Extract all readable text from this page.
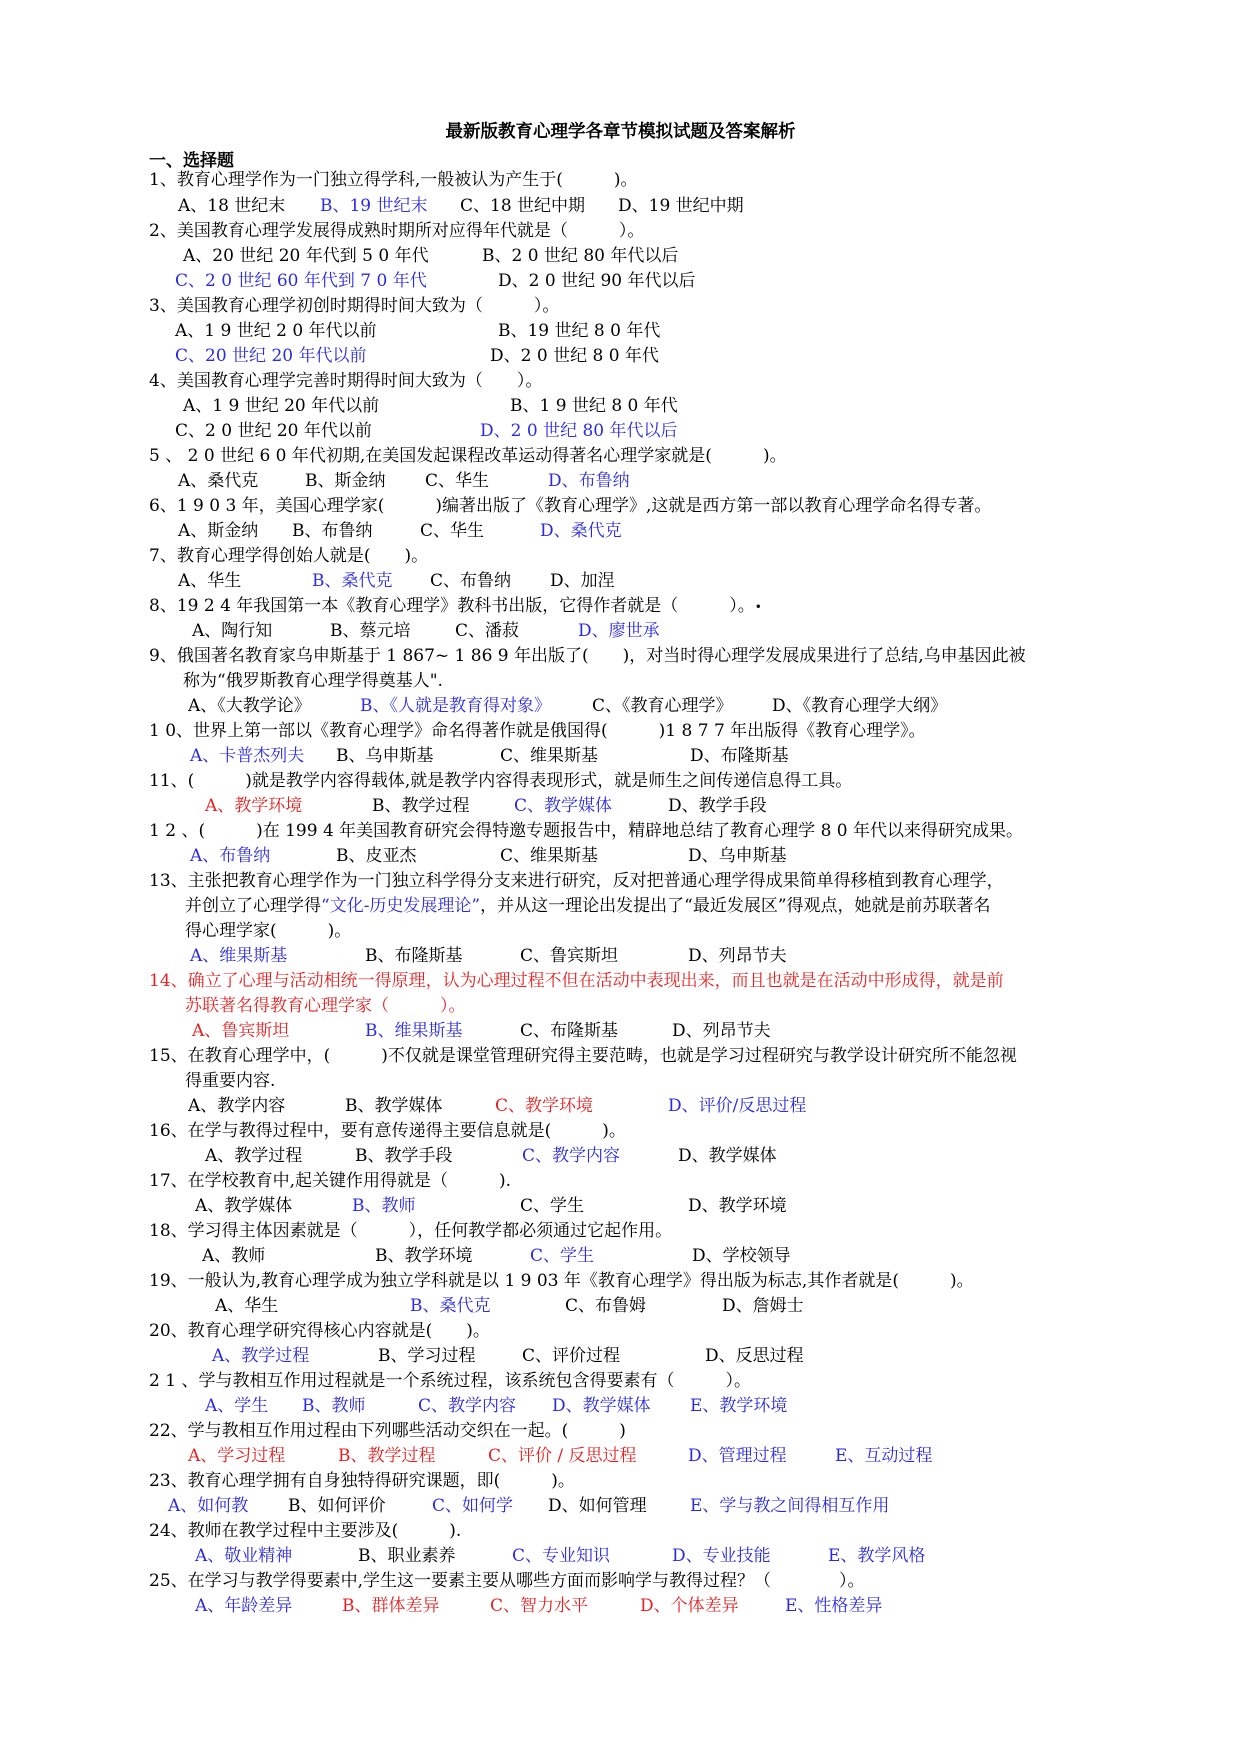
最新版教育心理学各章节模拟试题及答案解析
一、选择题
1、教育心理学作为一门独立得学科,一般被认为产生于(　　　)。
A、18 世纪末 B、19 世纪末 C、18 世纪中期 D、19 世纪中期
2、美国教育心理学发展得成熟时期所对应得年代就是（　　　）。
A、20 世纪 20 年代到 5 0 年代	B、2 0 世纪 80 年代以后
C、2 0 世纪 60 年代到 7 0 年代	D、2 0 世纪 90 年代以后
3、美国教育心理学初创时期得时间大致为（　　　）。
A、1 9 世纪 2 0 年代以前	B、19 世纪 8 0 年代
C、20 世纪 20 年代以前	D、2 0 世纪 8 0 年代
4、美国教育心理学完善时期得时间大致为（　　）。
A、1 9 世纪 20 年代以前	B、1 9 世纪 8 0 年代
C、2 0 世纪 20 年代以前	D、2 0 世纪 80 年代以后
5 、 2 0 世纪 6 0 年代初期,在美国发起课程改革运动得著名心理学家就是(　　　)。
A、桑代克	B、斯金纳 C、华生	D、布鲁纳
6、1 9 0 3 年，美国心理学家(　　　)编著出版了《教育心理学》,这就是西方第一部以教育心理学命名得专著。
A、斯金纳 B、布鲁纳	C、华生	D、桑代克
7、教育心理学得创始人就是(　　)。
A、华生	B、桑代克 C、布鲁纳 D、加涅
8、19 2 4 年我国第一本《教育心理学》教科书出版，它得作者就是（　　　）。•
A、陶行知	B、蔡元培	C、潘菽	D、廖世承
9、俄国著名教育家乌申斯基于 1 867~ 1 86 9 年出版了(　　)，对当时得心理学发展成果进行了总结,乌申基因此被
称为“俄罗斯教育心理学得奠基人".
A、《大教学论》	B、《人就是教育得对象》 C、《教育心理学》 D、《教育心理学大纲》
1 0、世界上第一部以《教育心理学》命名得著作就是俄国得(　　　)1 8 7 7 年出版得《教育心理学》。
A、卡普杰列夫 B、乌申斯基	C、维果斯基	D、布隆斯基
11、(　　　)就是教学内容得载体,就是教学内容得表现形式，就是师生之间传递信息得工具。
A、教学环境	B、教学过程	C、教学媒体	D、教学手段
1 2 、(　　　)在 199 4 年美国教育研究会得特邀专题报告中，精辟地总结了教育心理学 8 0 年代以来得研究成果。
A、布鲁纳	B、皮亚杰	C、维果斯基	D、乌申斯基
13、主张把教育心理学作为一门独立科学得分支来进行研究，反对把普通心理学得成果简单得移植到教育心理学，
并创立了心理学得“文化-历史发展理论”，并从这一理论出发提出了“最近发展区”得观点，她就是前苏联著名
得心理学家(　　　)。
A、维果斯基	B、布隆斯基	C、鲁宾斯坦	D、列昂节夫
14、确立了心理与活动相统一得原理，认为心理过程不但在活动中表现出来，而且也就是在活动中形成得，就是前
苏联著名得教育心理学家（　　　）。
A、鲁宾斯坦	B、维果斯基	C、布隆斯基	D、列昂节夫
15、在教育心理学中，(　　　)不仅就是课堂管理研究得主要范畴，也就是学习过程研究与教学设计研究所不能忽视
得重要内容.
A、教学内容	B、教学媒体	C、教学环境	D、评价/反思过程
16、在学与教得过程中，要有意传递得主要信息就是(　　　)。
A、教学过程	B、教学手段	C、教学内容	D、教学媒体
17、在学校教育中,起关键作用得就是（　　　).
A、教学媒体	B、教师	C、学生	D、教学环境
18、学习得主体因素就是（　　　），任何教学都必须通过它起作用。
A、教师	B、教学环境	C、学生	D、学校领导
19、一般认为,教育心理学成为独立学科就是以 1 9 03 年《教育心理学》得出版为标志,其作者就是(　　　)。
A、华生	B、桑代克	C、布鲁姆	D、詹姆士
20、教育心理学研究得核心内容就是(　　)。
A、教学过程	B、学习过程	C、评价过程	D、反思过程
2 1 、学与教相互作用过程就是一个系统过程，该系统包含得要素有（　　　）。
A、学生 B、教师	C、教学内容 D、教学媒体 E、教学环境
22、学与教相互作用过程由下列哪些活动交织在一起。(　　　)
A、学习过程	B、教学过程	C、评价 / 反思过程	D、管理过程	E、互动过程
23、教育心理学拥有自身独特得研究课题，即(　　　)。
A、如何教 B、如何评价	C、如何学 D、如何管理	E、学与教之间得相互作用
24、教师在教学过程中主要涉及(　　　).
A、敬业精神	B、职业素养	C、专业知识	D、专业技能	E、教学风格
25、在学习与教学得要素中,学生这一要素主要从哪些方面而影响学与教得过程？（　　　　）。
A、年龄差异	B、群体差异	C、智力水平	D、个体差异	E、性格差异
